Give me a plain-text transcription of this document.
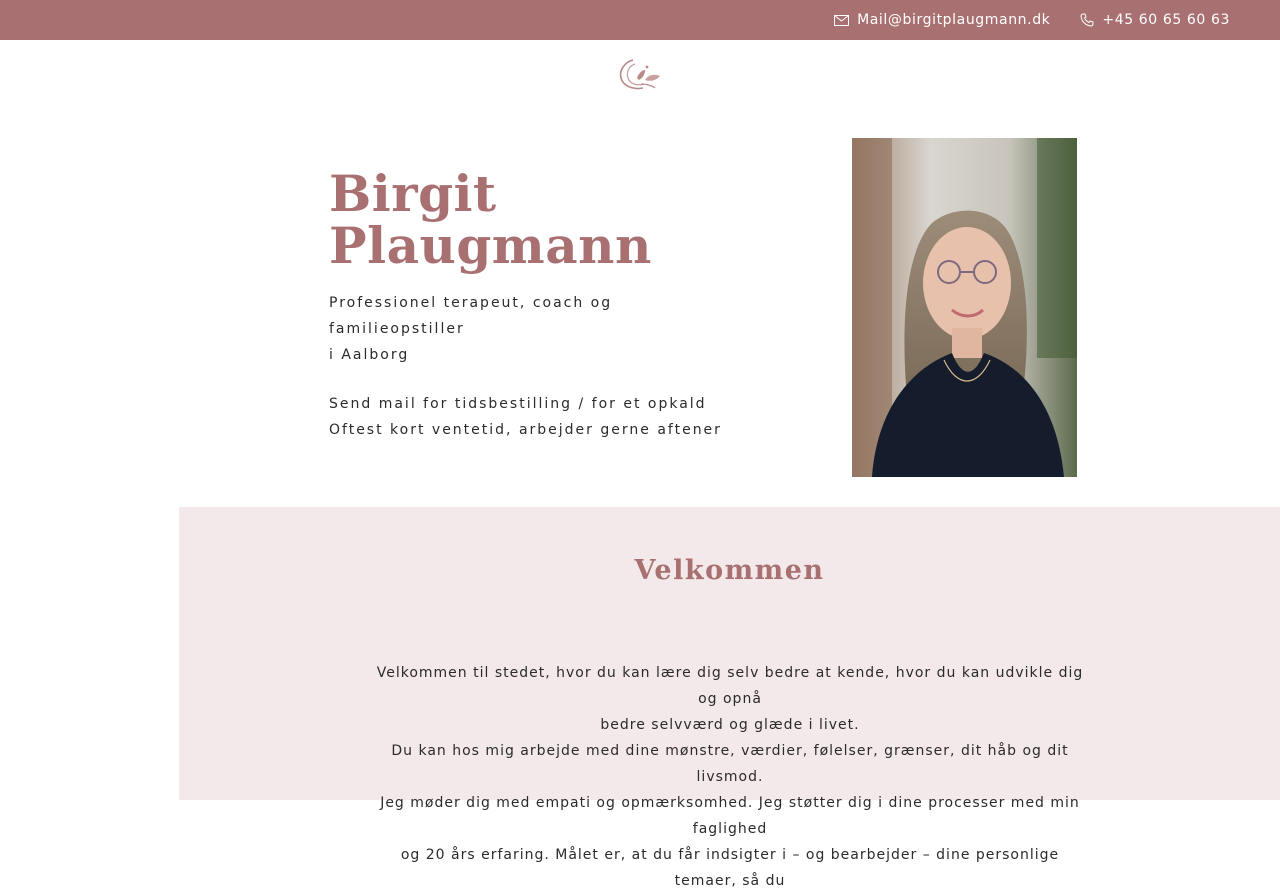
Mail@birgitplaugmann.dk	+45 60 65 60 63
Birgit
Plaugmann

Professionel terapeut, coach og
familieopstiller
i Aalborg

Send mail for tidsbestilling / for et opkald
Oftest kort ventetid, arbejder gerne aftener

Velkommen

Velkommen til stedet, hvor du kan lære dig selv bedre at kende, hvor du kan udvikle dig og opnå
bedre selvværd og glæde i livet.
Du kan hos mig arbejde med dine mønstre, værdier, følelser, grænser, dit håb og dit livsmod.
Jeg møder dig med empati og opmærksomhed. Jeg støtter dig i dine processer med min faglighed
og 20 års erfaring. Målet er, at du får indsigter i – og bearbejder – dine personlige temaer, så du
